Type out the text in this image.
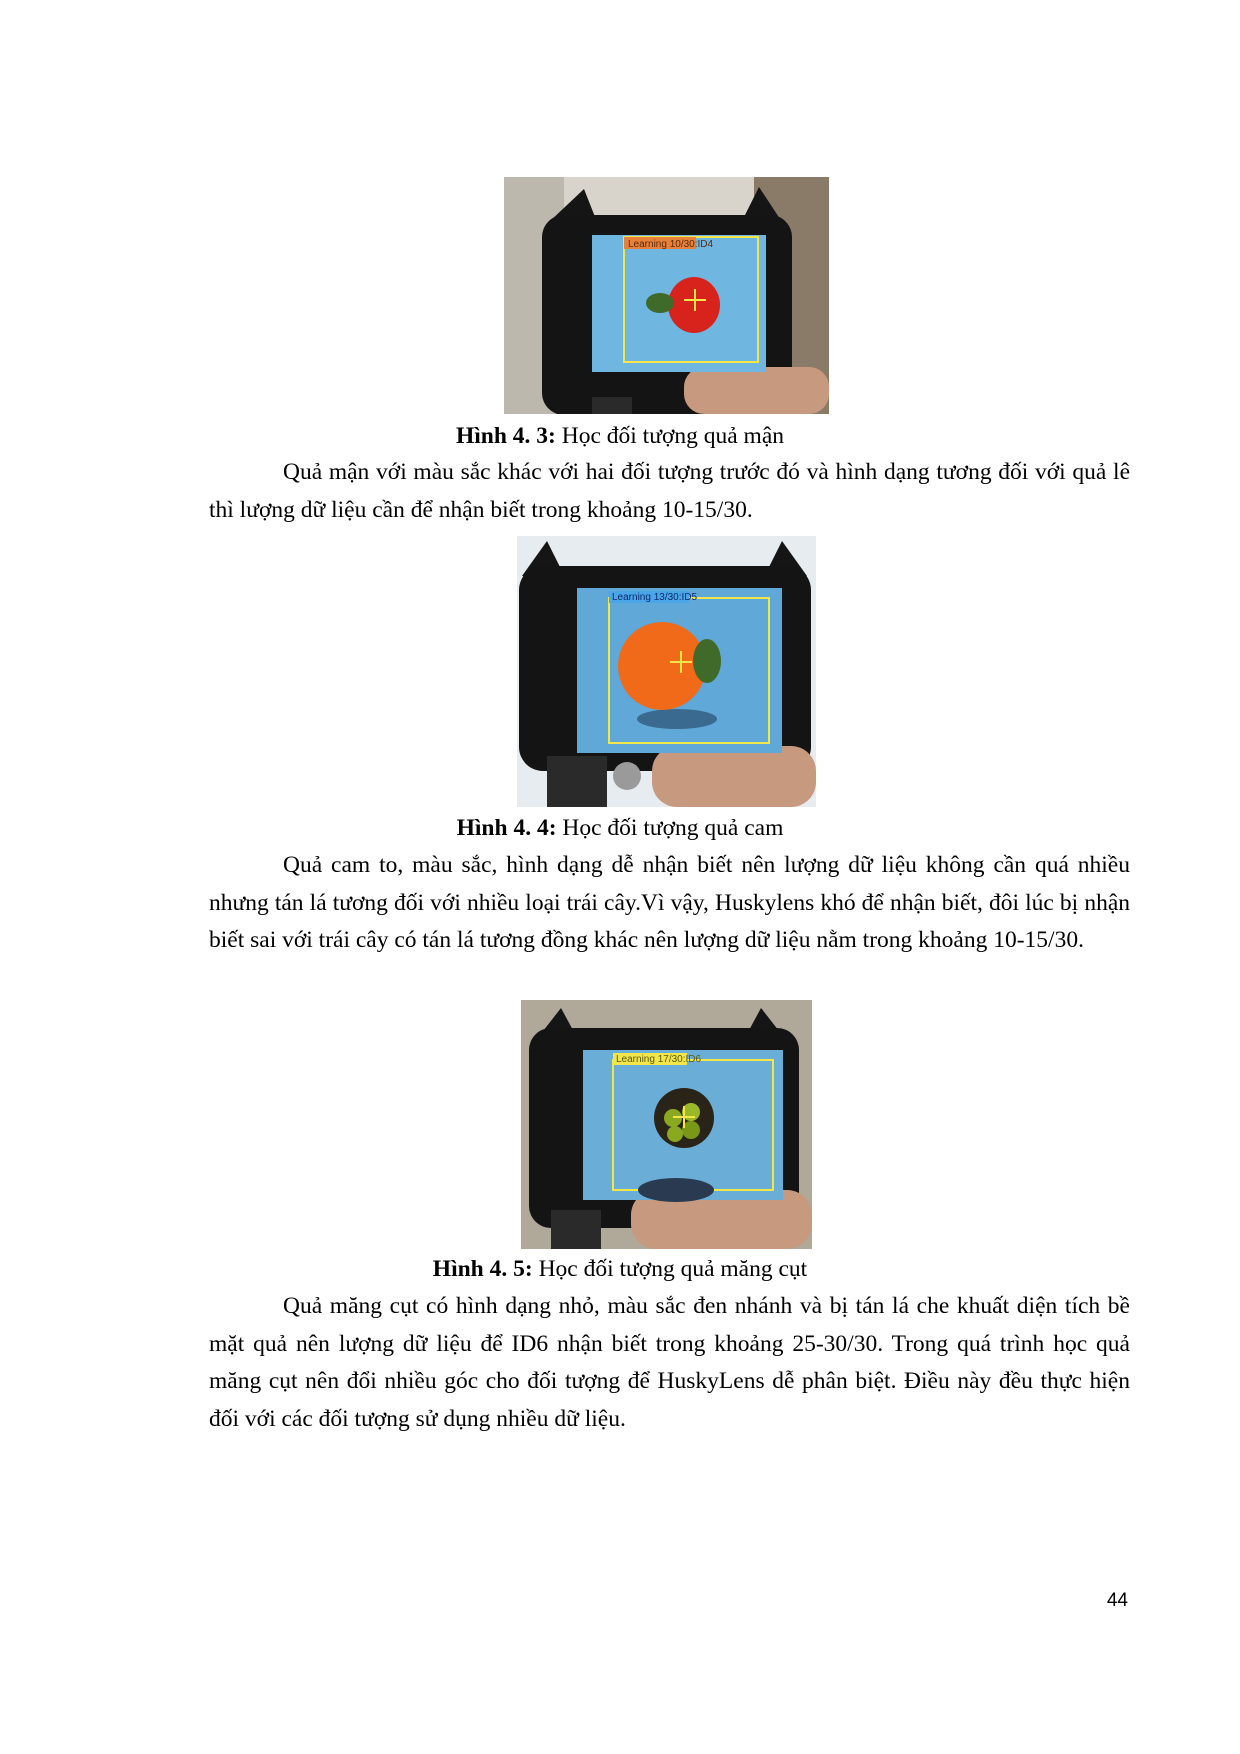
Learning 10/30:ID4
Hình 4. 3: Học đối tượng quả mận

Quả mận với màu sắc khác với hai đối tượng trước đó và hình dạng tương đối với quả lê thì lượng dữ liệu cần để nhận biết trong khoảng 10-15/30.

Learning 13/30:ID5
Hình 4. 4: Học đối tượng quả cam

Quả cam to, màu sắc, hình dạng dễ nhận biết nên lượng dữ liệu không cần quá nhiều nhưng tán lá tương đối với nhiều loại trái cây.Vì vậy, Huskylens khó để nhận biết, đôi lúc bị nhận biết sai với trái cây có tán lá tương đồng khác nên lượng dữ liệu nằm trong khoảng 10-15/30.

Learning 17/30:ID6
Hình 4. 5: Học đối tượng quả măng cụt

Quả măng cụt có hình dạng nhỏ, màu sắc đen nhánh và bị tán lá che khuất diện tích bề mặt quả nên lượng dữ liệu để ID6 nhận biết trong khoảng 25-30/30. Trong quá trình học quả măng cụt nên đổi nhiều góc cho đối tượng để HuskyLens dễ phân biệt. Điều này đều thực hiện đối với các đối tượng sử dụng nhiều dữ liệu.

44
